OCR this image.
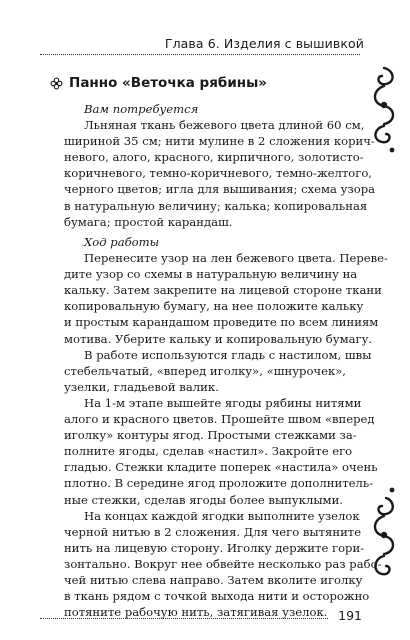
Глава 6. Изделия с вышивкой
П анно «Веточка рябины»
Вам потребуется
Льняная ткань бежевого цвета длиной 60 см,
шириной 35 см; нити мулине в 2 сложения корич-
невого, алого, красного, кирпичного, золотисто-
коричневого, темно-коричневого, темно-желтого,
черного цветов; игла для вышивания; схема узора
в натуральную величину; калька; копировальная
бумага; простой карандаш.
Ход работы
Перенесите узор на лен бежевого цвета. Переве-
дите узор со схемы в натуральную величину на
кальку. Затем закрепите на лицевой стороне ткани
копировальную бумагу, на нее положите кальку
и простым карандашом проведите по всем линиям
мотива. Уберите кальку и копировальную бумагу.
В работе используются гладь с настилом, швы
стебельчатый, «вперед иголку», «шнурочек»,
узелки, гладьевой валик.
На 1-м этапе вышейте ягоды рябины нитями
алого и красного цветов. Прошейте швом «вперед
иголку» контуры ягод. Простыми стежками за-
полните ягоды, сделав «настил». Закройте его
гладью. Стежки кладите поперек «настила» очень
плотно. В середине ягод проложите дополнитель-
ные стежки, сделав ягоды более выпуклыми.
На концах каждой ягодки выполните узелок
черной нитью в 2 сложения. Для чего вытяните
нить на лицевую сторону. Иголку держите гори-
зонтально. Вокруг нее обвейте несколько раз рабо-
чей нитью слева направо. Затем вколите иголку
в ткань рядом с точкой выхода нити и осторожно
потяните рабочую нить, затягивая узелок. 191
